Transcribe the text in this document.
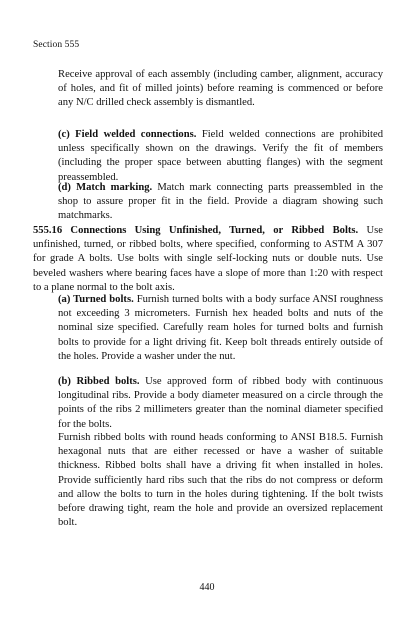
Section 555

Receive approval of each assembly (including camber, alignment, accuracy of holes, and fit of milled joints) before reaming is commenced or before any N/C drilled check assembly is dismantled.

(c) Field welded connections. Field welded connections are prohibited unless specifically shown on the drawings. Verify the fit of members (including the proper space between abutting flanges) with the segment preassembled.

(d) Match marking. Match mark connecting parts preassembled in the shop to assure proper fit in the field. Provide a diagram showing such matchmarks.

555.16 Connections Using Unfinished, Turned, or Ribbed Bolts. Use unfinished, turned, or ribbed bolts, where specified, conforming to ASTM A 307 for grade A bolts. Use bolts with single self-locking nuts or double nuts. Use beveled washers where bearing faces have a slope of more than 1:20 with respect to a plane normal to the bolt axis.

(a) Turned bolts. Furnish turned bolts with a body surface ANSI roughness not exceeding 3 micrometers. Furnish hex headed bolts and nuts of the nominal size specified. Carefully ream holes for turned bolts and furnish bolts to provide for a light driving fit. Keep bolt threads entirely outside of the holes. Provide a washer under the nut.

(b) Ribbed bolts. Use approved form of ribbed body with continuous longitudinal ribs. Provide a body diameter measured on a circle through the points of the ribs 2 millimeters greater than the nominal diameter specified for the bolts.

Furnish ribbed bolts with round heads conforming to ANSI B18.5. Furnish hexagonal nuts that are either recessed or have a washer of suitable thickness. Ribbed bolts shall have a driving fit when installed in holes. Provide sufficiently hard ribs such that the ribs do not compress or deform and allow the bolts to turn in the holes during tightening. If the bolt twists before drawing tight, ream the hole and provide an oversized replacement bolt.

440
